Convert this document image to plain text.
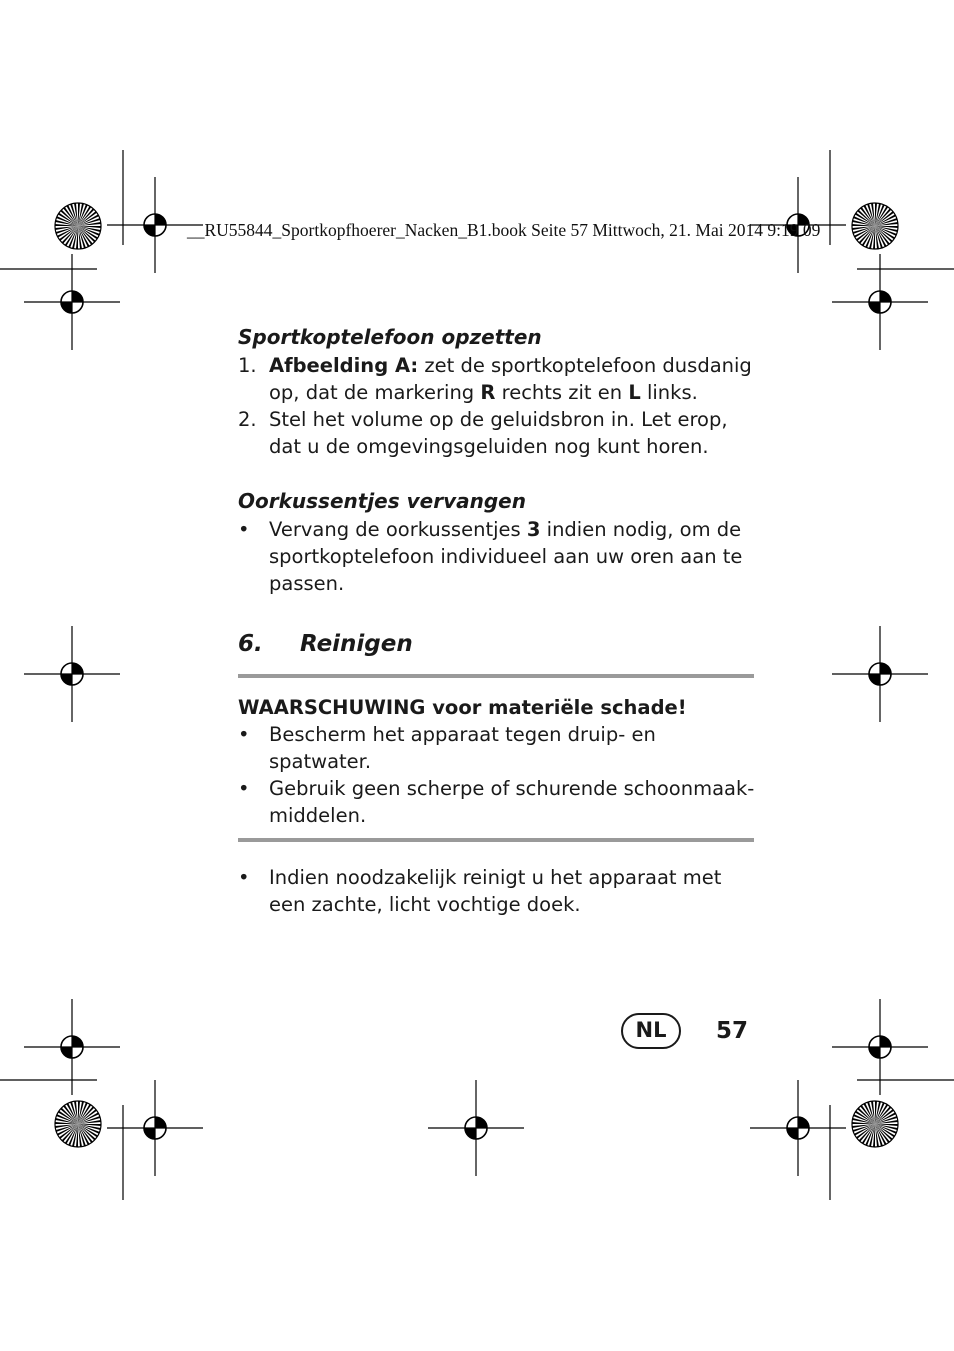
__RU55844_Sportkopfhoerer_Nacken_B1.book Seite 57 Mittwoch, 21. Mai 2014 9:19 09

Sportkoptelefoon opzetten

1. Afbeelding A: zet de sportkoptelefoon dusdanig op, dat de markering R rechts zit en L links.
2. Stel het volume op de geluidsbron in. Let erop, dat u de omgevingsgeluiden nog kunt horen.

Oorkussentjes vervangen

• Vervang de oorkussentjes 3 indien nodig, om de sportkoptelefoon individueel aan uw oren aan te passen.

6. Reinigen

WAARSCHUWING voor materiële schade!

• Bescherm het apparaat tegen druip- en spatwater.
• Gebruik geen scherpe of schurende schoonmaak-middelen.
• Indien noodzakelijk reinigt u het apparaat met een zachte, licht vochtige doek.
NL	57
